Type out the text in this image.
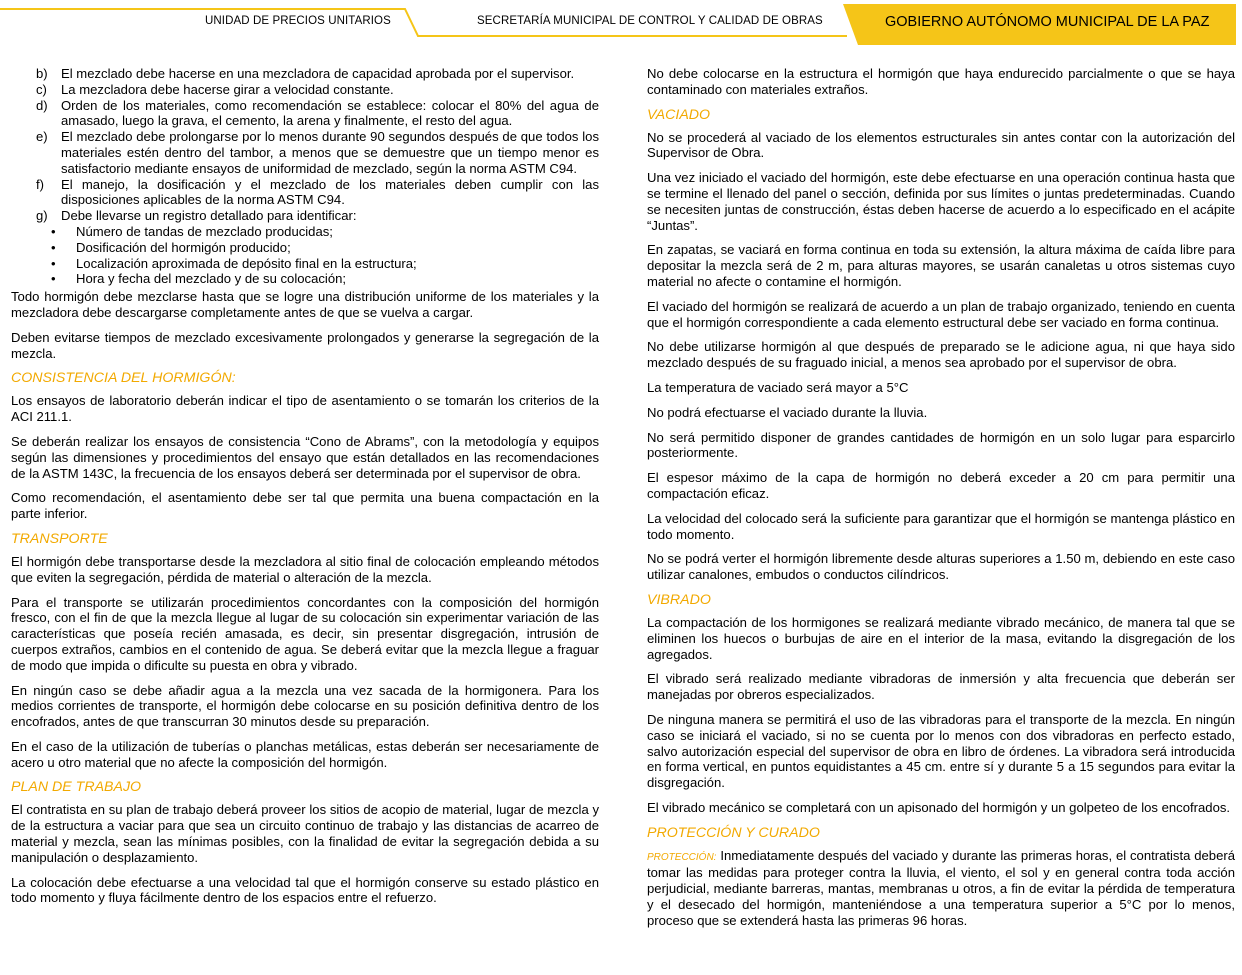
UNIDAD DE PRECIOS UNITARIOS	SECRETARÍA MUNICIPAL DE CONTROL Y CALIDAD DE OBRAS	GOBIERNO AUTÓNOMO MUNICIPAL DE LA PAZ
b)	El mezclado debe hacerse en una mezcladora de capacidad aprobada por el supervisor.
c)	La mezcladora debe hacerse girar a velocidad constante.
d)	Orden de los materiales, como recomendación se establece: colocar el 80% del agua de amasado, luego la grava, el cemento, la arena y finalmente, el resto del agua.
e)	El mezclado debe prolongarse por lo menos durante 90 segundos después de que todos los materiales estén dentro del tambor, a menos que se demuestre que un tiempo menor es satisfactorio mediante ensayos de uniformidad de mezclado, según la norma ASTM C94.
f)	El manejo, la dosificación y el mezclado de los materiales deben cumplir con las disposiciones aplicables de la norma ASTM C94.
g)	Debe llevarse un registro detallado para identificar:
•	Número de tandas de mezclado producidas;
•	Dosificación del hormigón producido;
•	Localización aproximada de depósito final en la estructura;
•	Hora y fecha del mezclado y de su colocación;

Todo hormigón debe mezclarse hasta que se logre una distribución uniforme de los materiales y la mezcladora debe descargarse completamente antes de que se vuelva a cargar.

Deben evitarse tiempos de mezclado excesivamente prolongados y generarse la segregación de la mezcla.

CONSISTENCIA DEL HORMIGÓN:

Los ensayos de laboratorio deberán indicar el tipo de asentamiento o se tomarán los criterios de la ACI 211.1.

Se deberán realizar los ensayos de consistencia “Cono de Abrams”, con la metodología y equipos según las dimensiones y procedimientos del ensayo que están detallados en las recomendaciones de la ASTM 143C, la frecuencia de los ensayos deberá ser determinada por el supervisor de obra.

Como recomendación, el asentamiento debe ser tal que permita una buena compactación en la parte inferior.

TRANSPORTE

El hormigón debe transportarse desde la mezcladora al sitio final de colocación empleando métodos que eviten la segregación, pérdida de material o alteración de la mezcla.

Para el transporte se utilizarán procedimientos concordantes con la composición del hormigón fresco, con el fin de que la mezcla llegue al lugar de su colocación sin experimentar variación de las características que poseía recién amasada, es decir, sin presentar disgregación, intrusión de cuerpos extraños, cambios en el contenido de agua. Se deberá evitar que la mezcla llegue a fraguar de modo que impida o dificulte su puesta en obra y vibrado.

En ningún caso se debe añadir agua a la mezcla una vez sacada de la hormigonera. Para los medios corrientes de transporte, el hormigón debe colocarse en su posición definitiva dentro de los encofrados, antes de que transcurran 30 minutos desde su preparación.

En el caso de la utilización de tuberías o planchas metálicas, estas deberán ser necesariamente de acero u otro material que no afecte la composición del hormigón.

PLAN DE TRABAJO

El contratista en su plan de trabajo deberá proveer los sitios de acopio de material, lugar de mezcla y de la estructura a vaciar para que sea un circuito continuo de trabajo y las distancias de acarreo de material y mezcla, sean las mínimas posibles, con la finalidad de evitar la segregación debida a su manipulación o desplazamiento.

La colocación debe efectuarse a una velocidad tal que el hormigón conserve su estado plástico en todo momento y fluya fácilmente dentro de los espacios entre el refuerzo.

No debe colocarse en la estructura el hormigón que haya endurecido parcialmente o que se haya contaminado con materiales extraños.

VACIADO

No se procederá al vaciado de los elementos estructurales sin antes contar con la autorización del Supervisor de Obra.

Una vez iniciado el vaciado del hormigón, este debe efectuarse en una operación continua hasta que se termine el llenado del panel o sección, definida por sus límites o juntas predeterminadas. Cuando se necesiten juntas de construcción, éstas deben hacerse de acuerdo a lo especificado en el acápite “Juntas”.

En zapatas, se vaciará en forma continua en toda su extensión, la altura máxima de caída libre para depositar la mezcla será de 2 m, para alturas mayores, se usarán canaletas u otros sistemas cuyo material no afecte o contamine el hormigón.

El vaciado del hormigón se realizará de acuerdo a un plan de trabajo organizado, teniendo en cuenta que el hormigón correspondiente a cada elemento estructural debe ser vaciado en forma continua.

No debe utilizarse hormigón al que después de preparado se le adicione agua, ni que haya sido mezclado después de su fraguado inicial, a menos sea aprobado por el supervisor de obra.

La temperatura de vaciado será mayor a 5°C

No podrá efectuarse el vaciado durante la lluvia.

No será permitido disponer de grandes cantidades de hormigón en un solo lugar para esparcirlo posteriormente.

El espesor máximo de la capa de hormigón no deberá exceder a 20 cm para permitir una compactación eficaz.

La velocidad del colocado será la suficiente para garantizar que el hormigón se mantenga plástico en todo momento.

No se podrá verter el hormigón libremente desde alturas superiores a 1.50 m, debiendo en este caso utilizar canalones, embudos o conductos cilíndricos.

VIBRADO

La compactación de los hormigones se realizará mediante vibrado mecánico, de manera tal que se eliminen los huecos o burbujas de aire en el interior de la masa, evitando la disgregación de los agregados.

El vibrado será realizado mediante vibradoras de inmersión y alta frecuencia que deberán ser manejadas por obreros especializados.

De ninguna manera se permitirá el uso de las vibradoras para el transporte de la mezcla. En ningún caso se iniciará el vaciado, si no se cuenta por lo menos con dos vibradoras en perfecto estado, salvo autorización especial del supervisor de obra en libro de órdenes. La vibradora será introducida en forma vertical, en puntos equidistantes a 45 cm. entre sí y durante 5 a 15 segundos para evitar la disgregación.

El vibrado mecánico se completará con un apisonado del hormigón y un golpeteo de los encofrados.

PROTECCIÓN Y CURADO

PROTECCIÓN: Inmediatamente después del vaciado y durante las primeras horas, el contratista deberá tomar las medidas para proteger contra la lluvia, el viento, el sol y en general contra toda acción perjudicial, mediante barreras, mantas, membranas u otros, a fin de evitar la pérdida de temperatura y el desecado del hormigón, manteniéndose a una temperatura superior a 5°C por lo menos, proceso que se extenderá hasta las primeras 96 horas.
